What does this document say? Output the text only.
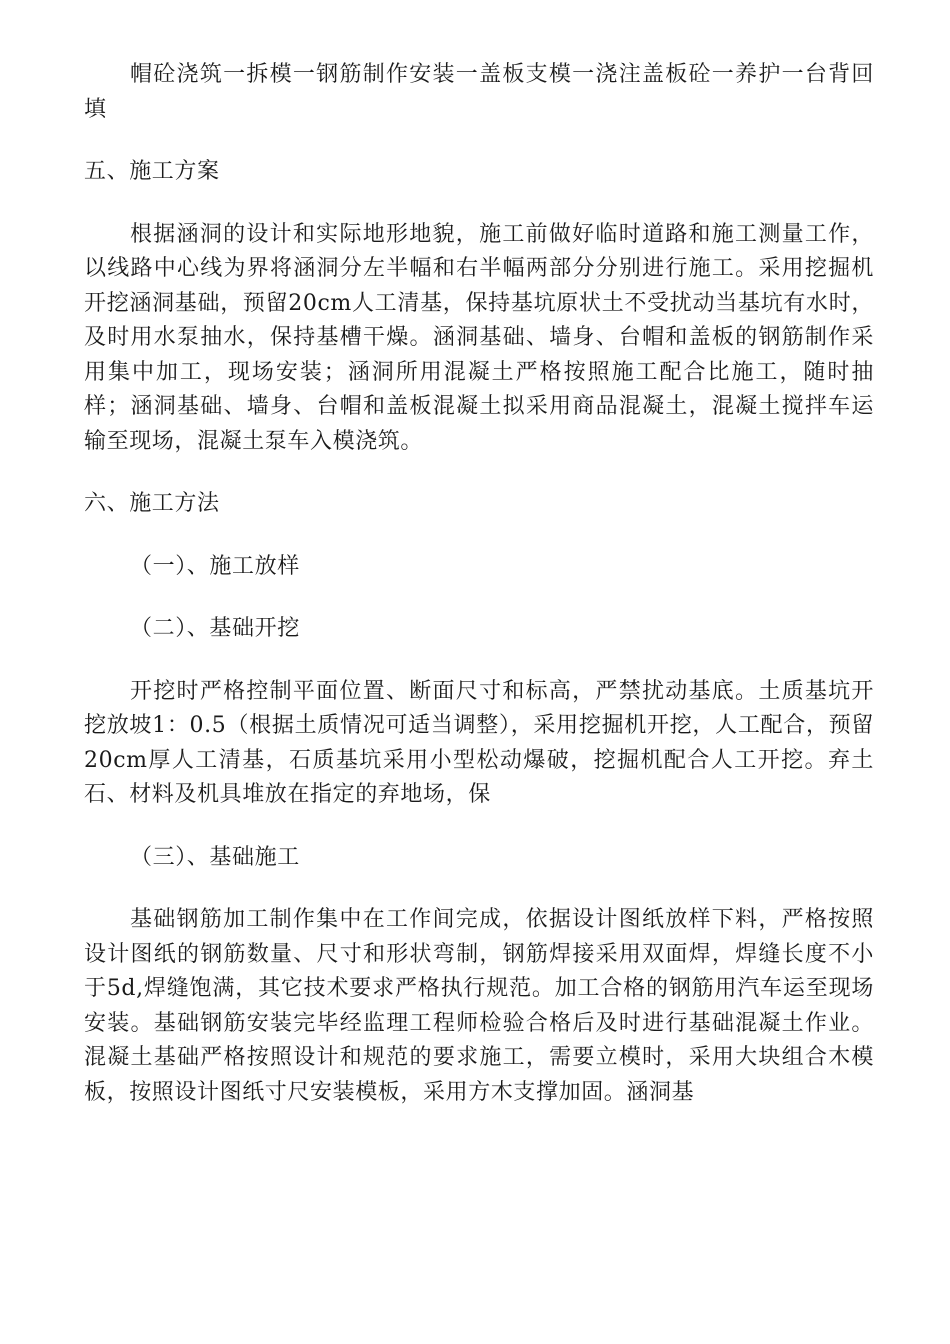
帽砼浇筑一拆模一钢筋制作安装一盖板支模一浇注盖板砼一养护一台背回填

五、施工方案

根据涵洞的设计和实际地形地貌，施工前做好临时道路和施工测量工作，以线路中心线为界将涵洞分左半幅和右半幅两部分分别进行施工。采用挖掘机开挖涵洞基础，预留20cm人工清基，保持基坑原状土不受扰动当基坑有水时，及时用水泵抽水，保持基槽干燥。涵洞基础、墙身、台帽和盖板的钢筋制作采用集中加工，现场安装；涵洞所用混凝土严格按照施工配合比施工，随时抽样；涵洞基础、墙身、台帽和盖板混凝土拟采用商品混凝土，混凝土搅拌车运输至现场，混凝土泵车入模浇筑。

六、施工方法

（一）、施工放样

（二）、基础开挖

开挖时严格控制平面位置、断面尺寸和标高，严禁扰动基底。土质基坑开挖放坡1：0.5（根据土质情况可适当调整），采用挖掘机开挖，人工配合，预留20cm厚人工清基，石质基坑采用小型松动爆破，挖掘机配合人工开挖。弃土石、材料及机具堆放在指定的弃地场，保

（三）、基础施工

基础钢筋加工制作集中在工作间完成，依据设计图纸放样下料，严格按照设计图纸的钢筋数量、尺寸和形状弯制，钢筋焊接采用双面焊，焊缝长度不小于5d,焊缝饱满，其它技术要求严格执行规范。加工合格的钢筋用汽车运至现场安装。基础钢筋安装完毕经监理工程师检验合格后及时进行基础混凝土作业。混凝土基础严格按照设计和规范的要求施工，需要立模时，采用大块组合木模板，按照设计图纸寸尺安装模板，采用方木支撑加固。涵洞基
